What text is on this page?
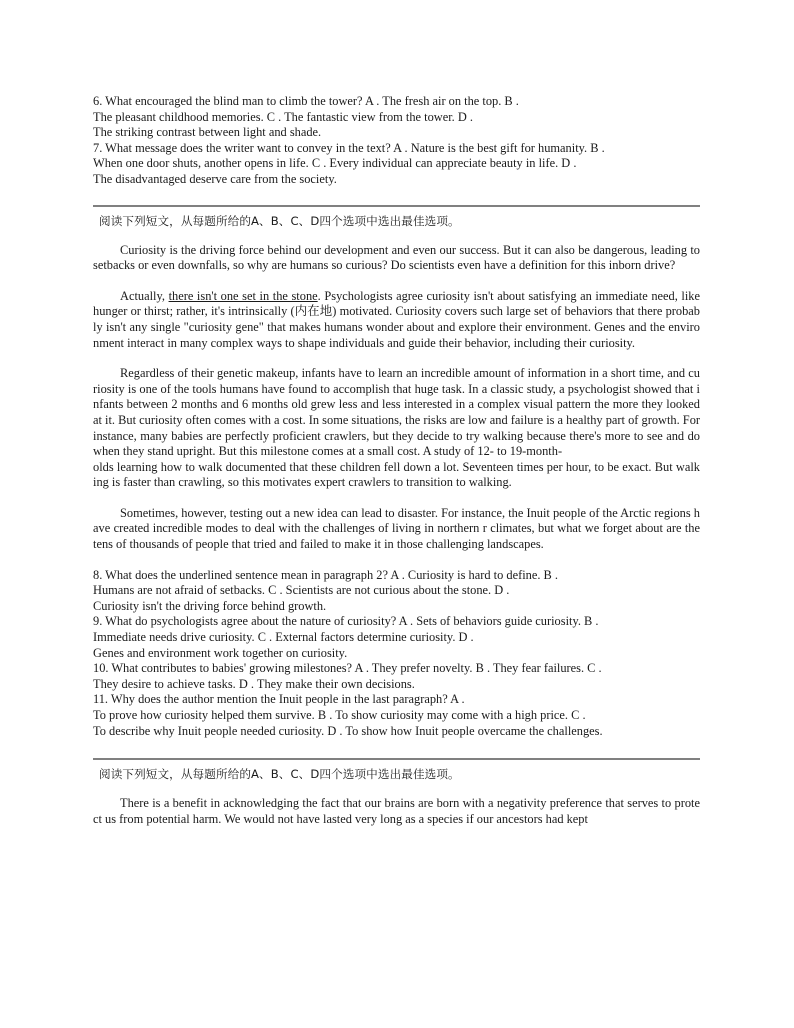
6. What encouraged the blind man to climb the tower? A . The fresh air on the top. B .
The pleasant childhood memories. C . The fantastic view from the tower. D .
The striking contrast between light and shade.
7. What message does the writer want to convey in the text? A . Nature is the best gift for humanity. B .
When one door shuts, another opens in life. C . Every individual can appreciate beauty in life. D .
The disadvantaged deserve care from the society.
阅读下列短文，从每题所给的A、B、C、D四个选项中选出最佳选项。
Curiosity is the driving force behind our development and even our success. But it can also be dangerous, leading to setbacks or even downfalls, so why are humans so curious? Do scientists even have a definition for this inborn drive?
Actually, there isn't one set in the stone. Psychologists agree curiosity isn't about satisfying an immediate need, like hunger or thirst; rather, it's intrinsically (内在地) motivated. Curiosity covers such large set of behaviors that there probably isn't any single "curiosity gene" that makes humans wonder about and explore their environment. Genes and the environment interact in many complex ways to shape individuals and guide their behavior, including their curiosity.
Regardless of their genetic makeup, infants have to learn an incredible amount of information in a short time, and curiosity is one of the tools humans have found to accomplish that huge task. In a classic study, a psychologist showed that infants between 2 months and 6 months old grew less and less interested in a complex visual pattern the more they looked at it. But curiosity often comes with a cost. In some situations, the risks are low and failure is a healthy part of growth. For instance, many babies are perfectly proficient crawlers, but they decide to try walking because there's more to see and do when they stand upright. But this milestone comes at a small cost. A study of 12- to 19-month-
olds learning how to walk documented that these children fell down a lot. Seventeen times per hour, to be exact. But walking is faster than crawling, so this motivates expert crawlers to transition to walking.
Sometimes, however, testing out a new idea can lead to disaster. For instance, the Inuit people of the Arctic regions have created incredible modes to deal with the challenges of living in northern r climates, but what we forget about are the tens of thousands of people that tried and failed to make it in those challenging landscapes.
8. What does the underlined sentence mean in paragraph 2? A . Curiosity is hard to define. B .
Humans are not afraid of setbacks. C . Scientists are not curious about the stone. D .
Curiosity isn't the driving force behind growth.
9. What do psychologists agree about the nature of curiosity? A . Sets of behaviors guide curiosity. B .
Immediate needs drive curiosity. C . External factors determine curiosity. D .
Genes and environment work together on curiosity.
10. What contributes to babies' growing milestones? A . They prefer novelty. B . They fear failures. C .
They desire to achieve tasks. D . They make their own decisions.
11. Why does the author mention the Inuit people in the last paragraph? A .
To prove how curiosity helped them survive. B . To show curiosity may come with a high price. C .
To describe why Inuit people needed curiosity. D . To show how Inuit people overcame the challenges.
阅读下列短文，从每题所给的A、B、C、D四个选项中选出最佳选项。
There is a benefit in acknowledging the fact that our brains are born with a negativity preference that serves to protect us from potential harm. We would not have lasted very long as a species if our ancestors had kept
